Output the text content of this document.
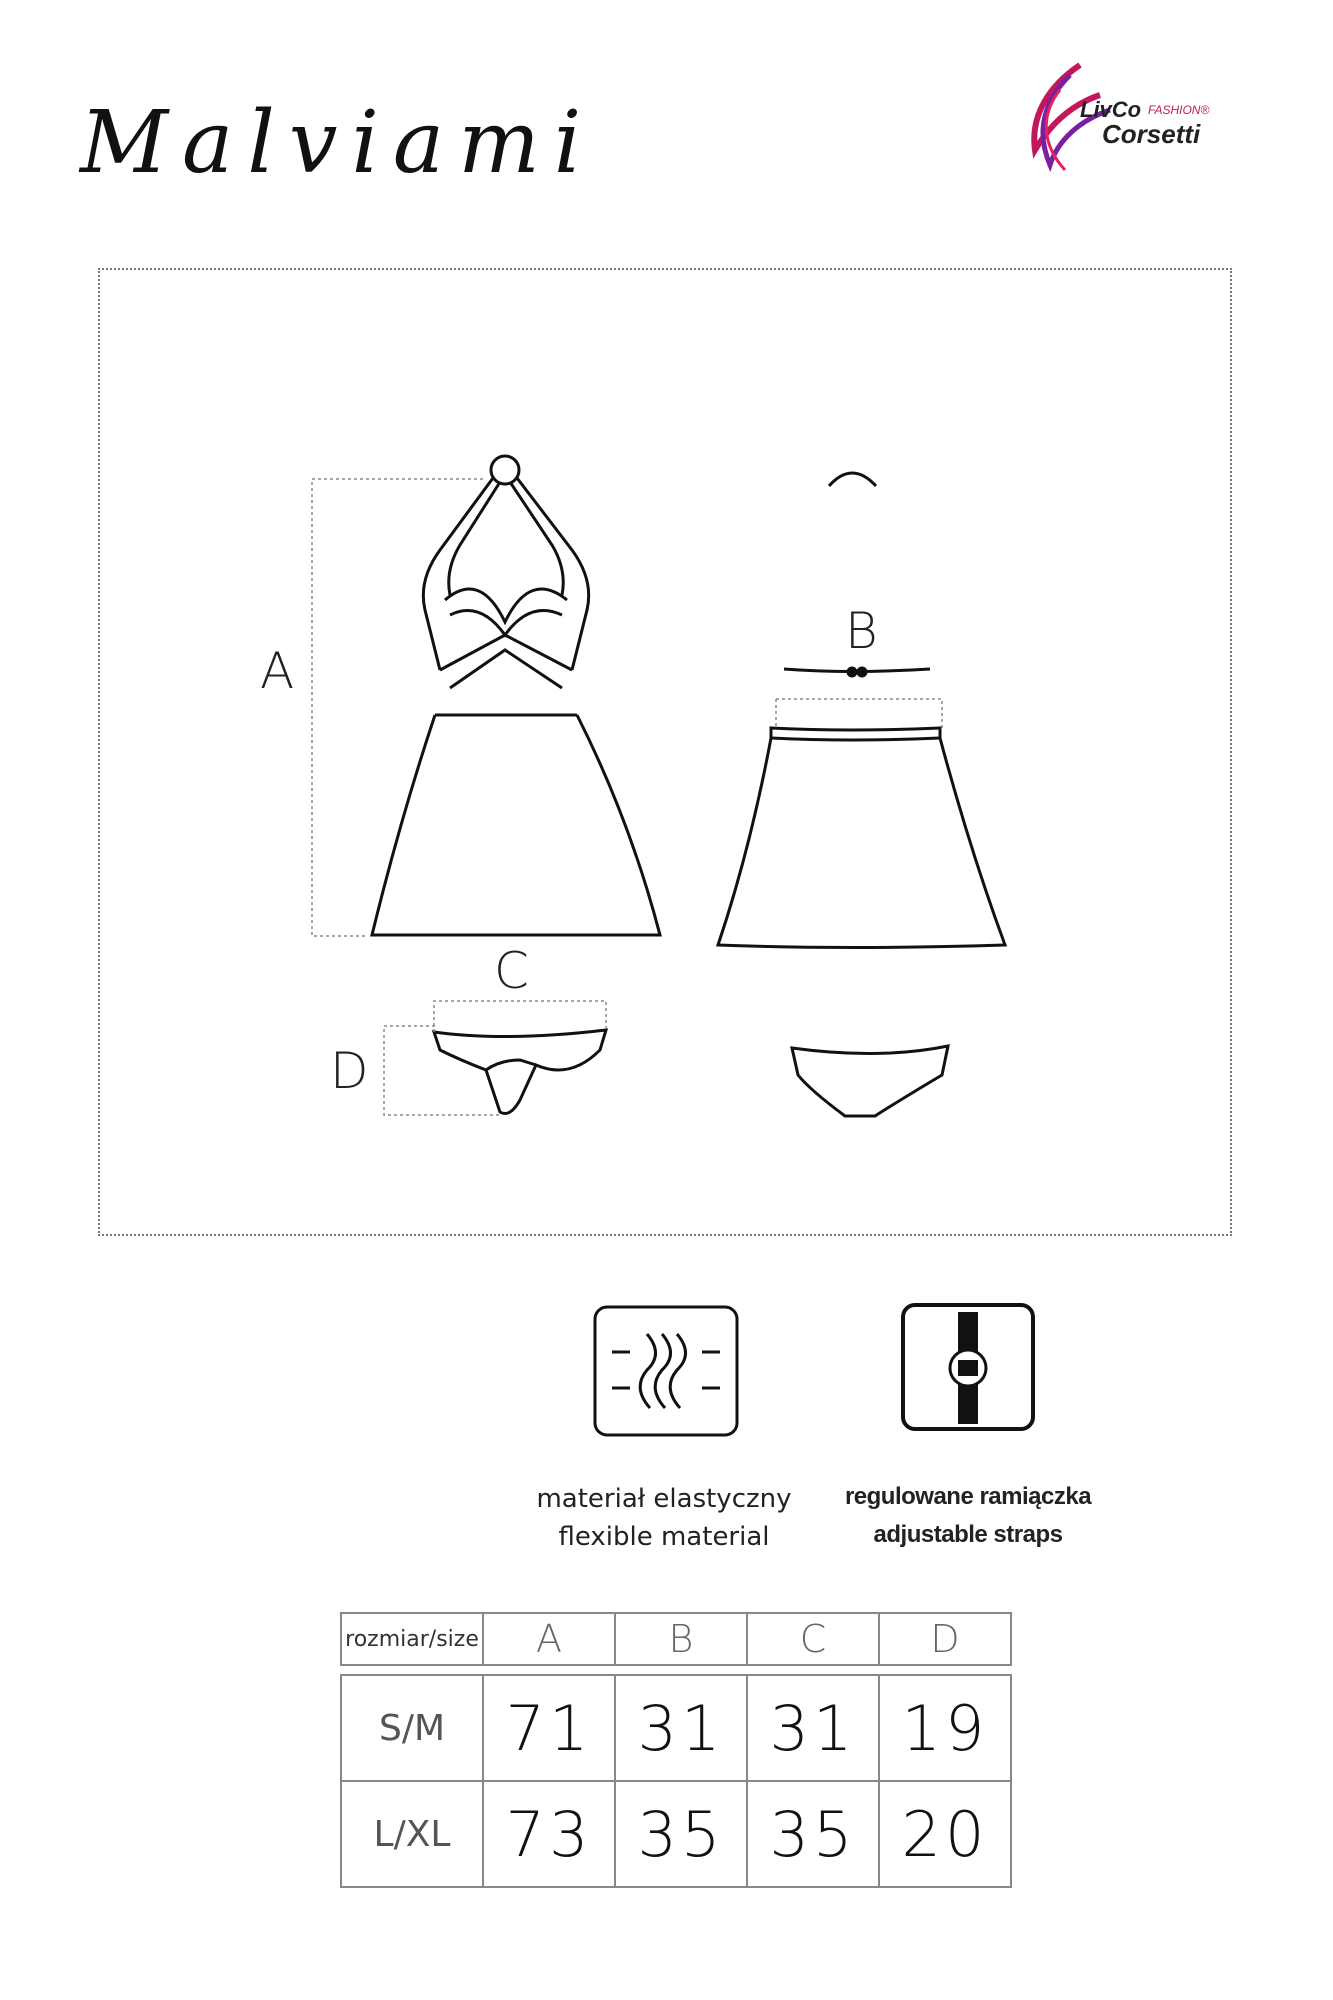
Malviami	LivCo FASHION®
Corsetti
A
B
C
D
materiał elastyczny
flexible material
regulowane ramiączka
adjustable straps
rozmiar/size	A	B	C	D

S/M	71	31	31	19
L/XL	73	35	35	20
